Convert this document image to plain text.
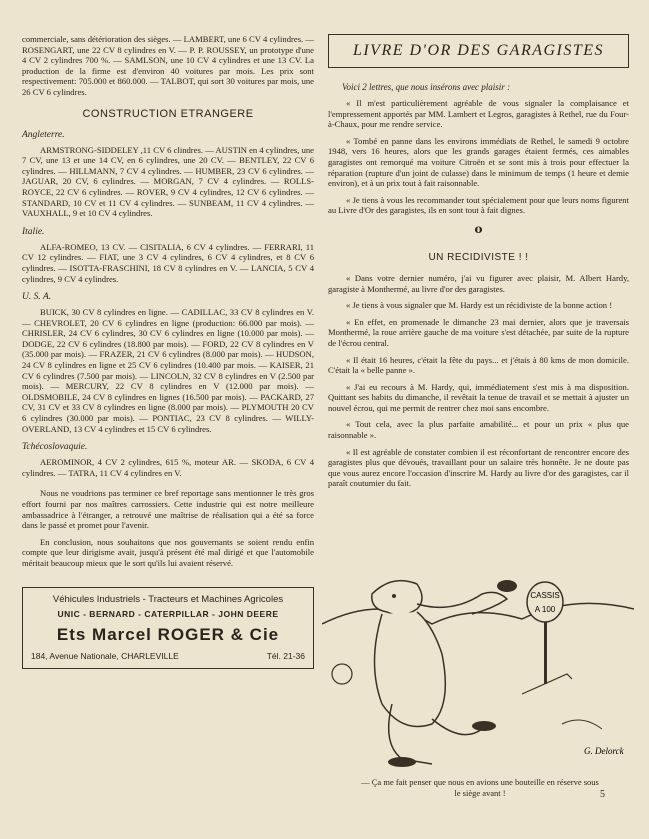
commerciale, sans détérioration des sièges. — LAMBERT, une 6 CV 4 cylindres. — ROSENGART, une 22 CV 8 cylindres en V. — P. P. ROUSSEY, un prototype d'une 4 CV 2 cylindres 700 %. — SAMLSON, une 10 CV 4 cylindres et une 13 CV. La production de la firme est d'environ 40 voitures par mois. Les prix sont respectivement: 705.000 et 860.000. — TALBOT, qui sort 30 voitures par mois, une 26 CV 6 cylindres.

CONSTRUCTION ETRANGERE
Angleterre.

ARMSTRONG-SIDDELEY ,11 CV 6 clindres. — AUSTIN en 4 cylindres, une 7 CV, une 13 et une 14 CV, en 6 cylindres, une 20 CV. — BENTLEY, 22 CV 6 cylindres. — HILLMANN, 7 CV 4 cylindres. — HUMBER, 23 CV 6 cylindres. — JAGUAR, 20 CV, 6 cylindres. — MORGAN, 7 CV 4 cylindres. — ROLLS-ROYCE, 22 CV 6 cylindres. — ROVER, 9 CV 4 cylindres, 12 CV 6 cylindres. — STANDARD, 10 CV et 11 CV 4 cylindres. — SUNBEAM, 11 CV 4 cylindres. — VAUXHALL, 9 et 10 CV 4 cylindres.

Italie.

ALFA-ROMEO, 13 CV. — CISITALIA, 6 CV 4 cylindres. — FERRARI, 11 CV 12 cylindres. — FIAT, une 3 CV 4 cylindres, 6 CV 4 cylindres, et 8 CV 6 cylindres. — ISOTTA-FRASCHINI, 18 CV 8 cylindres en V. — LANCIA, 5 CV 4 cylindres, 9 CV 4 cylindres.

U. S. A.

BUICK, 30 CV 8 cylindres en ligne. — CADILLAC, 33 CV 8 cylindres en V. — CHEVROLET, 20 CV 6 cylindres en ligne (production: 66.000 par mois). — CHRISLER, 24 CV 6 cylindres, 30 CV 6 cylindres en ligne (10.000 par mois). — DODGE, 22 CV 6 cylindres (18.800 par mois). — FORD, 22 CV 8 cylindres en V (35.000 par mois). — FRAZER, 21 CV 6 cylindres (8.000 par mois). — HUDSON, 24 CV 8 cylindres en ligne et 25 CV 6 cylindres (10.400 par mois. — KAISER, 21 CV 6 cylindres (7.500 par mois). — LINCOLN, 32 CV 8 cylindres en V (2.500 par mois). — MERCURY, 22 CV 8 cylindres en V (12.000 par mois). — OLDSMOBILE, 24 CV 8 cylindres en lignes (16.500 par mois). — PACKARD, 27 CV, 31 CV et 33 CV 8 cylindres en ligne (8.000 par mois). — PLYMOUTH 20 CV 6 cylindres (30.000 par mois). — PONTIAC, 23 CV 8 cylindres. — WILLY-OVERLAND, 13 CV 4 cylindres et 15 CV 6 cylindres.

Tchécoslovaquie.

AEROMINOR, 4 CV 2 cylindres, 615 %, moteur AR. — SKODA, 6 CV 4 cylindres. — TATRA, 11 CV 4 cylindres en V.

Nous ne voudrions pas terminer ce bref reportage sans mentionner le très gros effort fourni par nos maîtres carrossiers. Cette industrie qui est notre meilleure ambassadrice à l'étranger, a retrouvé une maîtrise de réalisation qui a été sa force dans le passé et promet pour l'avenir.

En conclusion, nous souhaitons que nos gouvernants se soient rendu enfin compte que leur dirigisme avait, jusqu'à présent été mal dirigé et que l'automobile méritait beaucoup mieux que le sort qu'ils lui avaient réservé.

Véhicules Industriels - Tracteurs et Machines Agricoles
UNIC - BERNARD - CATERPILLAR - JOHN DEERE
Ets Marcel ROGER & Cie
184, Avenue Nationale, CHARLEVILLE	Tél. 21-36
LIVRE D'OR DES GARAGISTES

Voici 2 lettres, que nous insérons avec plaisir :

« Il m'est particulièrement agréable de vous signaler la complaisance et l'empressement apportés par MM. Lambert et Legros, garagistes à Rethel, rue du Four-à-Chaux, pour me rendre service.

« Tombé en panne dans les environs immédiats de Rethel, le samedi 9 octobre 1948, vers 16 heures, alors que les grands garages étaient fermés, ces aimables garagistes ont remorqué ma voiture Citroën et se sont mis à trois pour effectuer la réparation (rupture d'un joint de culasse) dans le minimum de temps (1 heure et demie environ), et à un prix tout à fait raisonnable.

« Je tiens à vous les recommander tout spécialement pour que leurs noms figurent au Livre d'Or des garagistes, ils en sont tout à fait dignes.

o
UN RECIDIVISTE ! !

« Dans votre dernier numéro, j'ai vu figurer avec plaisir, M. Albert Hardy, garagiste à Monthermé, au livre d'or des garagistes.

« Je tiens à vous signaler que M. Hardy est un récidiviste de la bonne action !

« En effet, en promenade le dimanche 23 mai dernier, alors que je traversais Monthermé, la roue arrière gauche de ma voiture s'est détachée, par suite de la rupture de l'écrou central.

« Il était 16 heures, c'était la fête du pays... et j'étais à 80 kms de mon domicile. C'était la « belle panne ».

« J'ai eu recours à M. Hardy, qui, immédiatement s'est mis à ma disposition. Quittant ses habits du dimanche, il revêtait la tenue de travail et se mettait à ajuster un nouvel écrou, qui me permit de rentrer chez moi sans encombre.

« Tout cela, avec la plus parfaite amabilité... et pour un prix « plus que raisonnable ».

« Il est agréable de constater combien il est réconfortant de rencontrer encore des garagistes plus que dévoués, travaillant pour un salaire très honnête. Je ne doute pas que vous aurez encore l'occasion d'inscrire M. Hardy au livre d'or des garagistes, car il paraît coutumier du fait.

CASSIS
A 100
G. Delorck
— Ça me fait penser que nous en avions une bouteille en réserve sous le siège avant !	5
